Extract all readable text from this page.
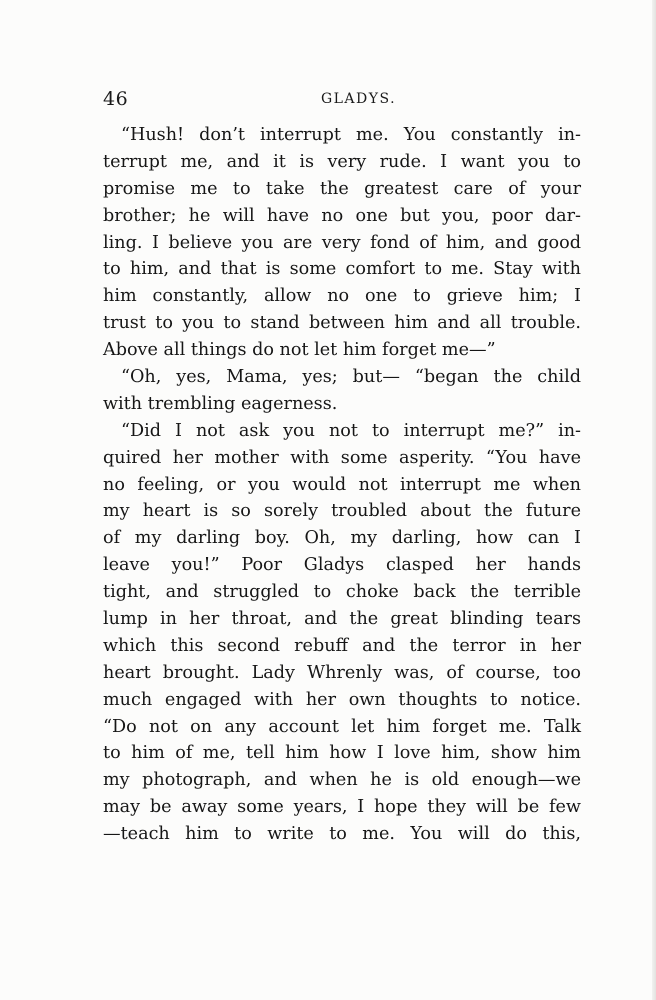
46	GLADYS.
“Hush! don’t interrupt me. You constantly in-
terrupt me, and it is very rude. I want you to
promise me to take the greatest care of your
brother; he will have no one but you, poor dar-
ling. I believe you are very fond of him, and good
to him, and that is some comfort to me. Stay with
him constantly, allow no one to grieve him; I
trust to you to stand between him and all trouble.
Above all things do not let him forget me—”
“Oh, yes, Mama, yes; but— “began the child
with trembling eagerness.
“Did I not ask you not to interrupt me?” in-
quired her mother with some asperity. “You have
no feeling, or you would not interrupt me when
my heart is so sorely troubled about the future
of my darling boy. Oh, my darling, how can I
leave you!” Poor Gladys clasped her hands
tight, and struggled to choke back the terrible
lump in her throat, and the great blinding tears
which this second rebuff and the terror in her
heart brought. Lady Whrenly was, of course, too
much engaged with her own thoughts to notice.
“Do not on any account let him forget me. Talk
to him of me, tell him how I love him, show him
my photograph, and when he is old enough—we
may be away some years, I hope they will be few
—teach him to write to me. You will do this,
